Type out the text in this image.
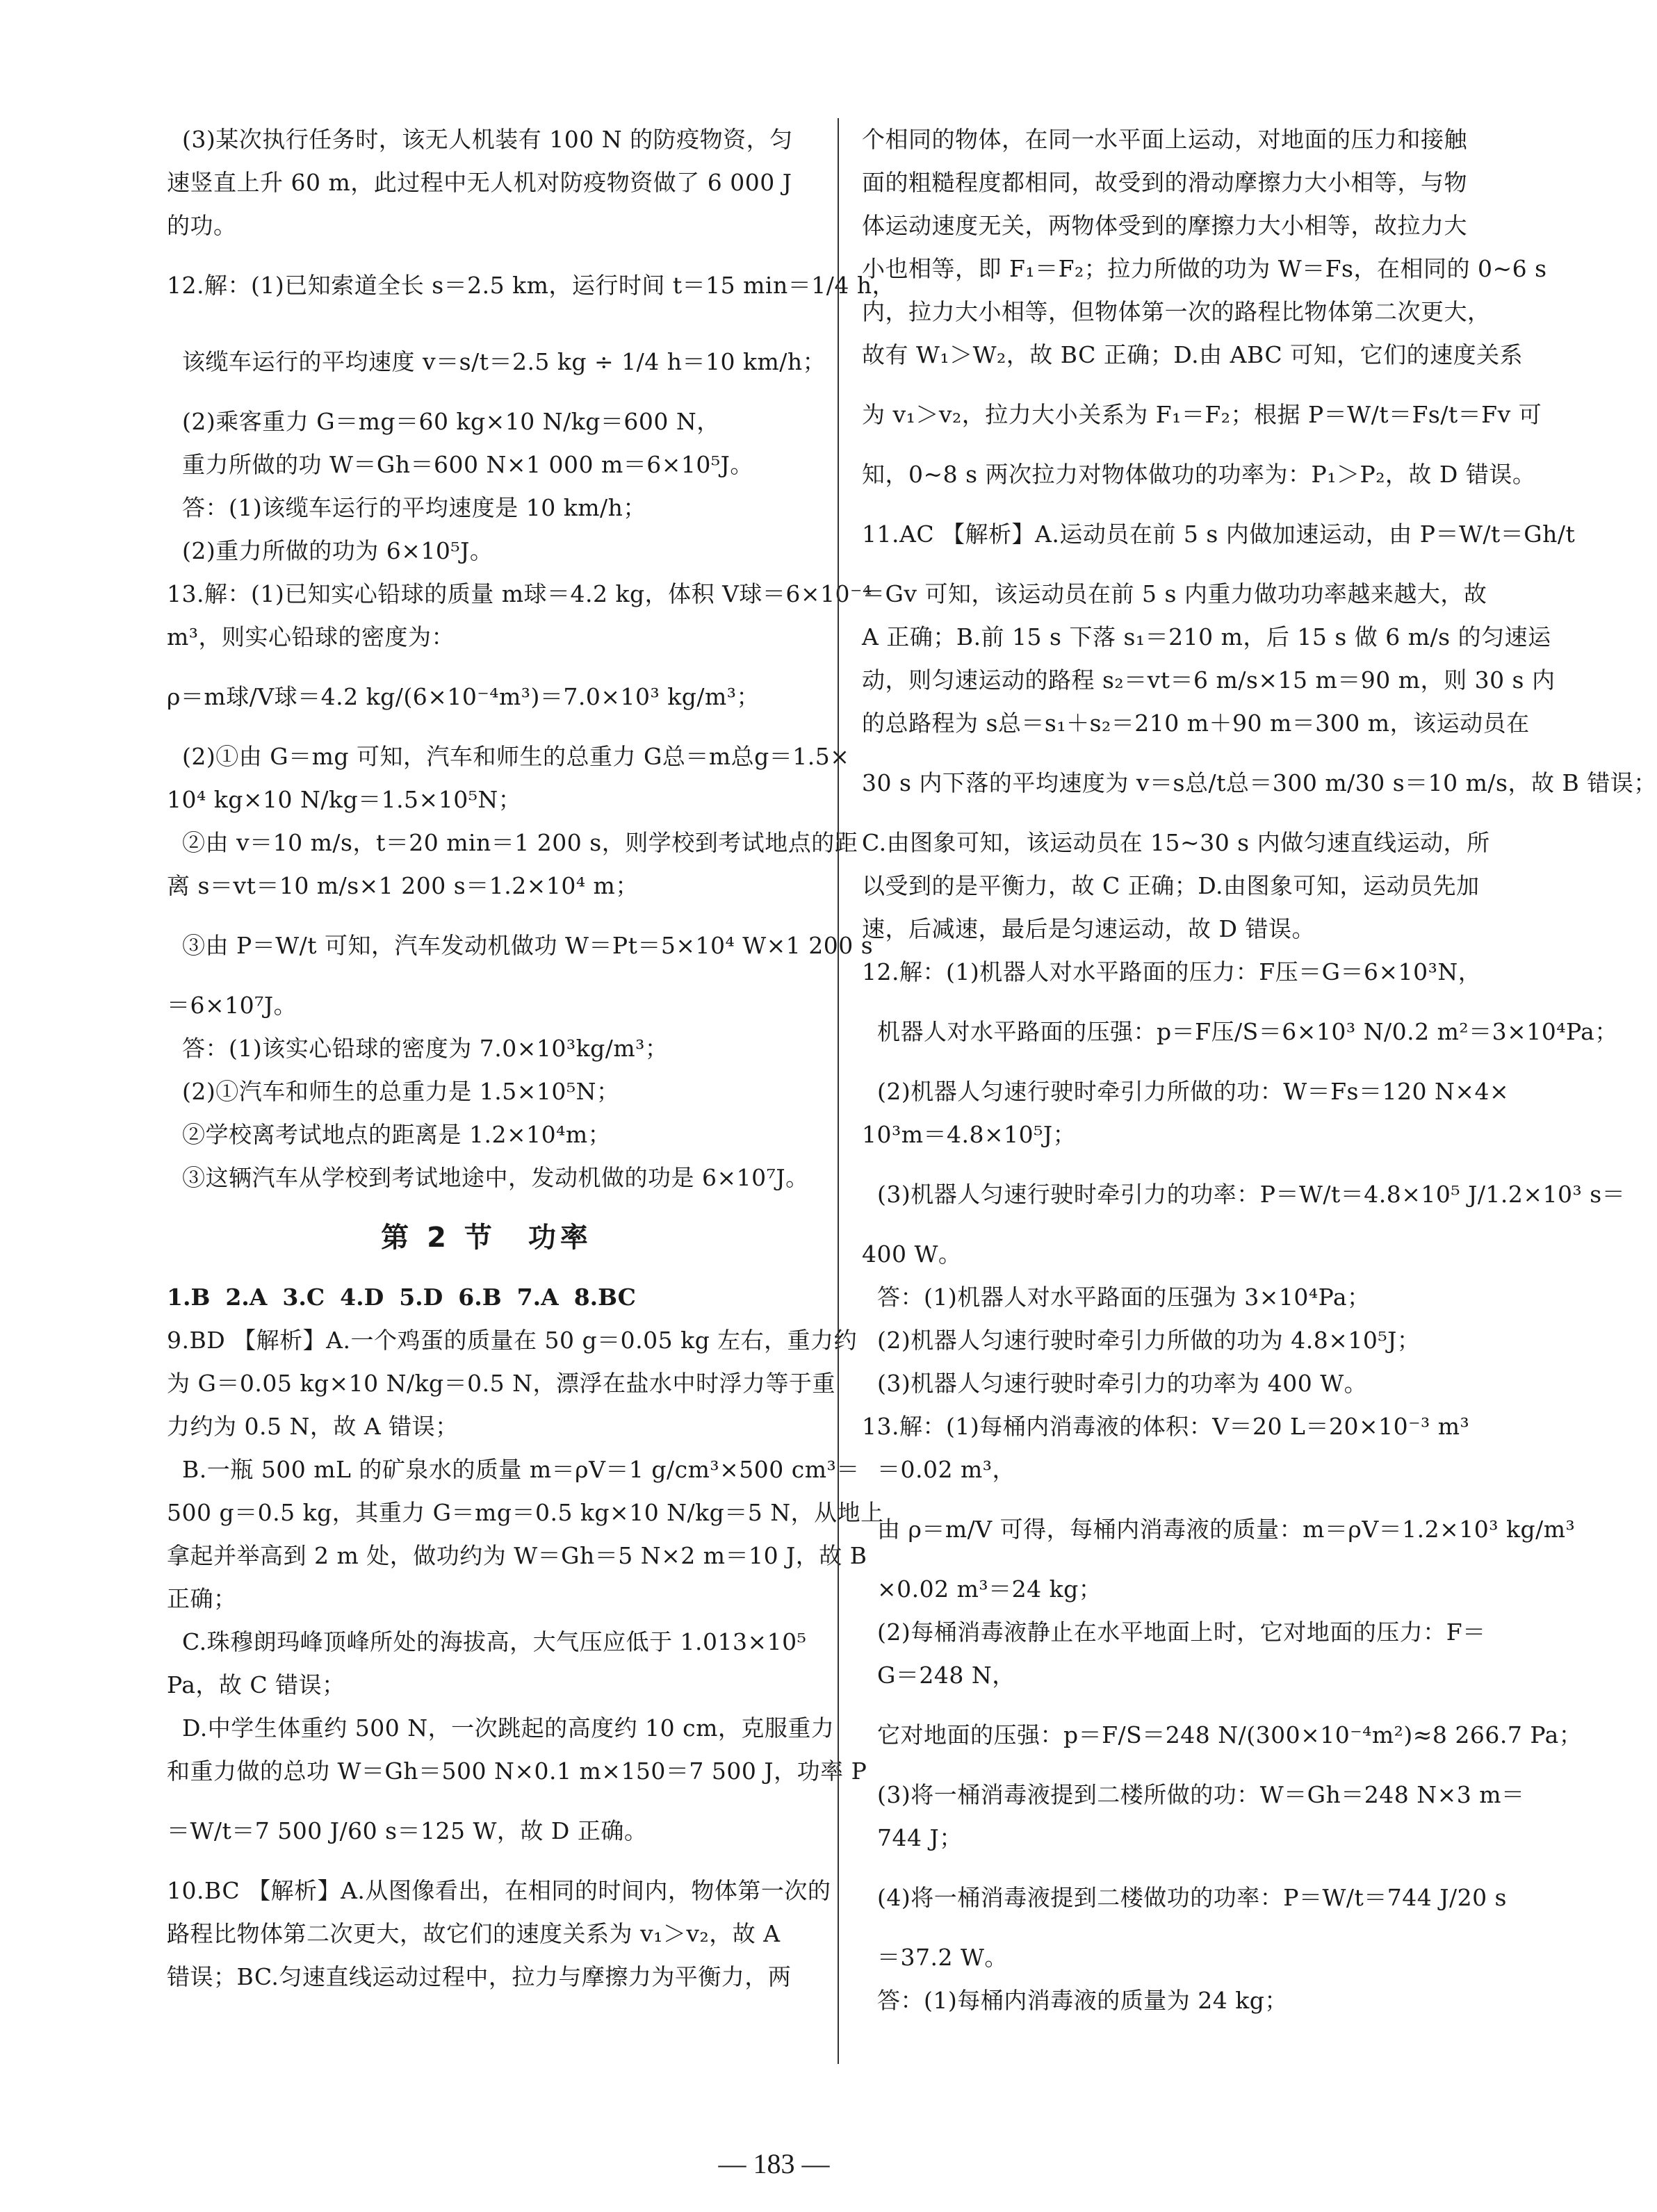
(3)某次执行任务时，该无人机装有 100 N 的防疫物资，匀
速竖直上升 60 m，此过程中无人机对防疫物资做了 6 000 J
的功。
12.解：(1)已知索道全长 s＝2.5 km，运行时间 t＝15 min＝1/4 h，
该缆车运行的平均速度 v＝s/t＝2.5 kg ÷ 1/4 h＝10 km/h；
(2)乘客重力 G＝mg＝60 kg×10 N/kg＝600 N，
重力所做的功 W＝Gh＝600 N×1 000 m＝6×10⁵J。
答：(1)该缆车运行的平均速度是 10 km/h；
(2)重力所做的功为 6×10⁵J。
13.解：(1)已知实心铅球的质量 m球＝4.2 kg，体积 V球＝6×10⁻⁴
m³，则实心铅球的密度为：
ρ＝m球/V球＝4.2 kg/(6×10⁻⁴m³)＝7.0×10³ kg/m³；
(2)①由 G＝mg 可知，汽车和师生的总重力 G总＝m总g＝1.5×
10⁴ kg×10 N/kg＝1.5×10⁵N；
②由 v＝10 m/s，t＝20 min＝1 200 s，则学校到考试地点的距
离 s＝vt＝10 m/s×1 200 s＝1.2×10⁴ m；
③由 P＝W/t 可知，汽车发动机做功 W＝Pt＝5×10⁴ W×1 200 s
＝6×10⁷J。
答：(1)该实心铅球的密度为 7.0×10³kg/m³；
(2)①汽车和师生的总重力是 1.5×10⁵N；
②学校离考试地点的距离是 1.2×10⁴m；
③这辆汽车从学校到考试地途中，发动机做的功是 6×10⁷J。
第 2 节　功率
1.B 2.A 3.C 4.D 5.D 6.B 7.A 8.BC
9.BD 【解析】A.一个鸡蛋的质量在 50 g＝0.05 kg 左右，重力约
为 G＝0.05 kg×10 N/kg＝0.5 N，漂浮在盐水中时浮力等于重
力约为 0.5 N，故 A 错误；
B.一瓶 500 mL 的矿泉水的质量 m＝ρV＝1 g/cm³×500 cm³＝
500 g＝0.5 kg，其重力 G＝mg＝0.5 kg×10 N/kg＝5 N，从地上
拿起并举高到 2 m 处，做功约为 W＝Gh＝5 N×2 m＝10 J，故 B
正确；
C.珠穆朗玛峰顶峰所处的海拔高，大气压应低于 1.013×10⁵
Pa，故 C 错误；
D.中学生体重约 500 N，一次跳起的高度约 10 cm，克服重力
和重力做的总功 W＝Gh＝500 N×0.1 m×150＝7 500 J，功率 P
＝W/t＝7 500 J/60 s＝125 W，故 D 正确。
10.BC 【解析】A.从图像看出，在相同的时间内，物体第一次的
路程比物体第二次更大，故它们的速度关系为 v₁＞v₂，故 A
错误；BC.匀速直线运动过程中，拉力与摩擦力为平衡力，两
个相同的物体，在同一水平面上运动，对地面的压力和接触
面的粗糙程度都相同，故受到的滑动摩擦力大小相等，与物
体运动速度无关，两物体受到的摩擦力大小相等，故拉力大
小也相等，即 F₁＝F₂；拉力所做的功为 W＝Fs，在相同的 0~6 s
内，拉力大小相等，但物体第一次的路程比物体第二次更大，
故有 W₁＞W₂，故 BC 正确；D.由 ABC 可知，它们的速度关系
为 v₁＞v₂，拉力大小关系为 F₁＝F₂；根据 P＝W/t＝Fs/t＝Fv 可
知，0~8 s 两次拉力对物体做功的功率为：P₁＞P₂，故 D 错误。
11.AC 【解析】A.运动员在前 5 s 内做加速运动，由 P＝W/t＝Gh/t
＝Gv 可知，该运动员在前 5 s 内重力做功功率越来越大，故
A 正确；B.前 15 s 下落 s₁＝210 m，后 15 s 做 6 m/s 的匀速运
动，则匀速运动的路程 s₂＝vt＝6 m/s×15 m＝90 m，则 30 s 内
的总路程为 s总＝s₁＋s₂＝210 m＋90 m＝300 m，该运动员在
30 s 内下落的平均速度为 v＝s总/t总＝300 m/30 s＝10 m/s，故 B 错误；
C.由图象可知，该运动员在 15~30 s 内做匀速直线运动，所
以受到的是平衡力，故 C 正确；D.由图象可知，运动员先加
速，后减速，最后是匀速运动，故 D 错误。
12.解：(1)机器人对水平路面的压力：F压＝G＝6×10³N，
机器人对水平路面的压强：p＝F压/S＝6×10³ N/0.2 m²＝3×10⁴Pa；
(2)机器人匀速行驶时牵引力所做的功：W＝Fs＝120 N×4×
10³m＝4.8×10⁵J；
(3)机器人匀速行驶时牵引力的功率：P＝W/t＝4.8×10⁵ J/1.2×10³ s＝
400 W。
答：(1)机器人对水平路面的压强为 3×10⁴Pa；
(2)机器人匀速行驶时牵引力所做的功为 4.8×10⁵J；
(3)机器人匀速行驶时牵引力的功率为 400 W。
13.解：(1)每桶内消毒液的体积：V＝20 L＝20×10⁻³ m³
＝0.02 m³，
由 ρ＝m/V 可得，每桶内消毒液的质量：m＝ρV＝1.2×10³ kg/m³
×0.02 m³＝24 kg；
(2)每桶消毒液静止在水平地面上时，它对地面的压力：F＝
G＝248 N，
它对地面的压强：p＝F/S＝248 N/(300×10⁻⁴m²)≈8 266.7 Pa；
(3)将一桶消毒液提到二楼所做的功：W＝Gh＝248 N×3 m＝
744 J；
(4)将一桶消毒液提到二楼做功的功率：P＝W/t＝744 J/20 s
＝37.2 W。
答：(1)每桶内消毒液的质量为 24 kg；
— 183 —
